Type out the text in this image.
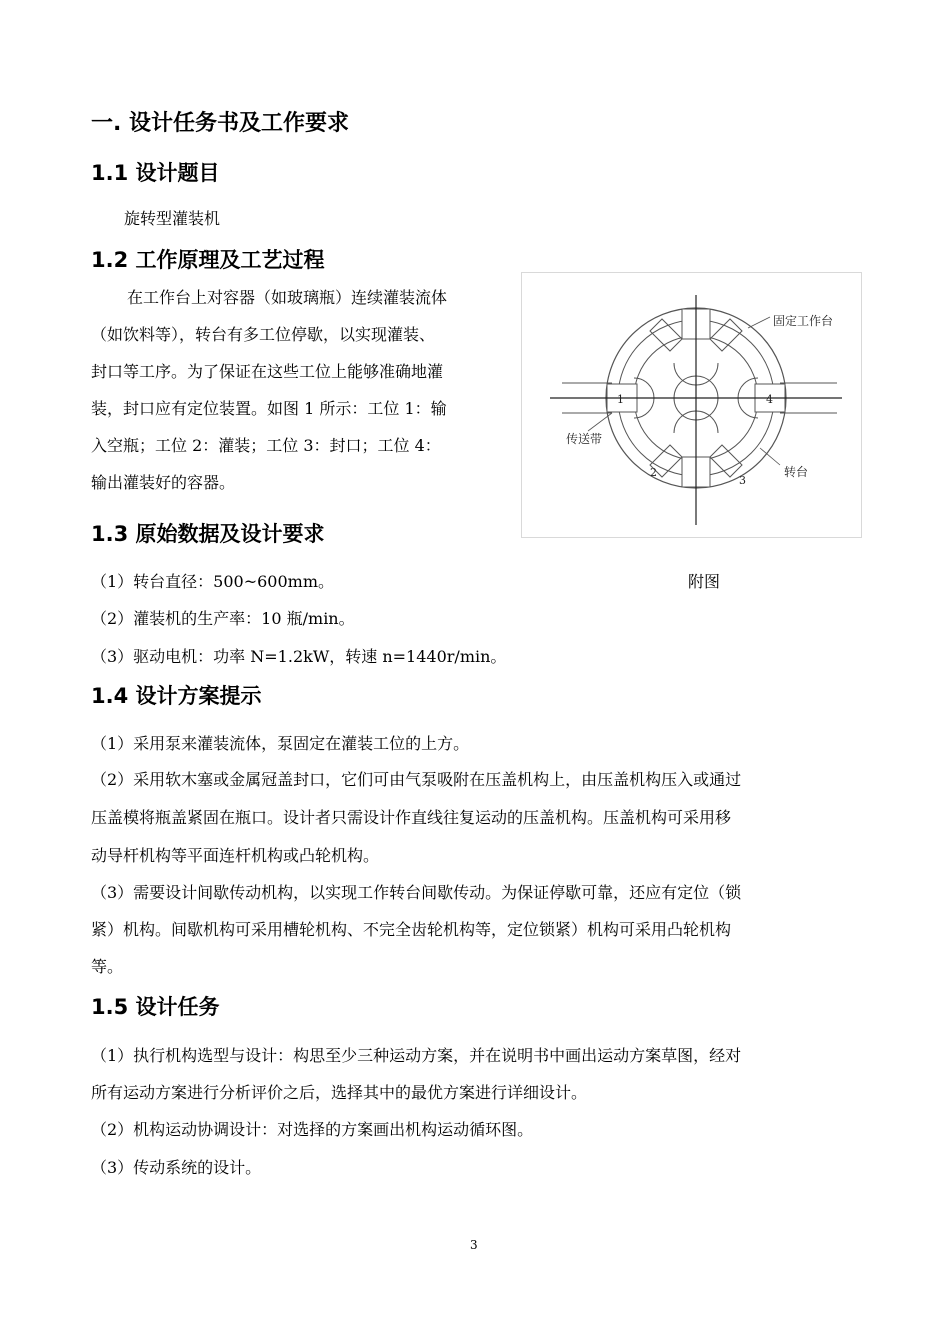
一. 设计任务书及工作要求
1.1 设计题目
旋转型灌装机
1.2 工作原理及工艺过程
在工作台上对容器（如玻璃瓶）连续灌装流体
（如饮料等），转台有多工位停歇，以实现灌装、
封口等工序。为了保证在这些工位上能够准确地灌
装，封口应有定位装置。如图 1 所示：工位 1：输
入空瓶；工位 2：灌装；工位 3：封口；工位 4：
输出灌装好的容器。
固定工作台
传送带
转台
1
2
3
4
附图
1.3 原始数据及设计要求
（1）转台直径：500~600mm。
（2）灌装机的生产率：10 瓶/min。
（3）驱动电机：功率 N=1.2kW，转速 n=1440r/min。
1.4 设计方案提示
（1）采用泵来灌装流体，泵固定在灌装工位的上方。
（2）采用软木塞或金属冠盖封口，它们可由气泵吸附在压盖机构上，由压盖机构压入或通过
压盖模将瓶盖紧固在瓶口。设计者只需设计作直线往复运动的压盖机构。压盖机构可采用移
动导杆机构等平面连杆机构或凸轮机构。
（3）需要设计间歇传动机构，以实现工作转台间歇传动。为保证停歇可靠，还应有定位（锁
紧）机构。间歇机构可采用槽轮机构、不完全齿轮机构等，定位锁紧）机构可采用凸轮机构
等。
1.5 设计任务
（1）执行机构选型与设计：构思至少三种运动方案，并在说明书中画出运动方案草图，经对
所有运动方案进行分析评价之后，选择其中的最优方案进行详细设计。
（2）机构运动协调设计：对选择的方案画出机构运动循环图。
（3）传动系统的设计。
3
